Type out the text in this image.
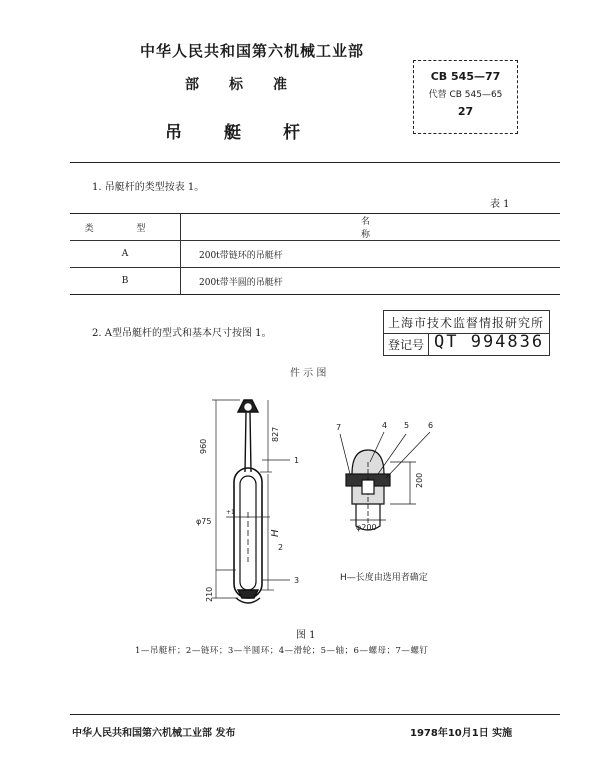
中华人民共和国第六机械工业部
部标准
吊艇杆
CB 545—77
代替 CB 545—65
27
1. 吊艇杆的类型按表 1。
表 1
类 型	名 称
A	200t带链环的吊艇杆
B	200t带半圆的吊艇杆
2. A型吊艇杆的型式和基本尺寸按图 1。
上海市技术监督情报研究所
登记号 QT 994836
件 示 图
960
827
φ75
+1
H
210
1
2
3
7	4 5 6
200
φ200
H—长度由选用者确定
图 1
1—吊艇杆；2—链环；3—半圆环；4—滑轮；5—轴；6—螺母；7—螺钉
中华人民共和国第六机械工业部 发布	1978年10月1日 实施
